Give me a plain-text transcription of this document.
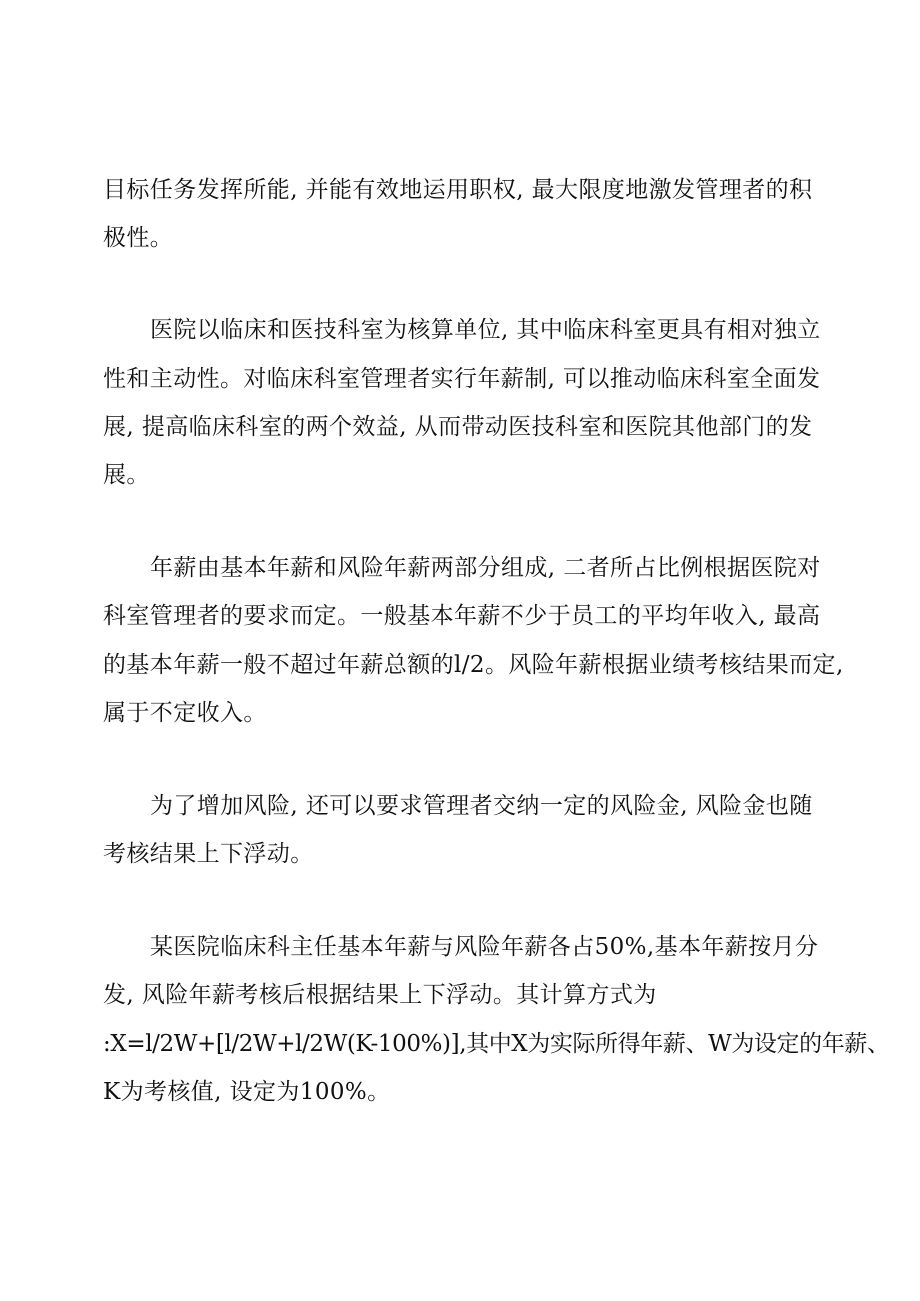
目标任务发挥所能, 并能有效地运用职权, 最大限度地激发管理者的积
极性。
医院以临床和医技科室为核算单位, 其中临床科室更具有相对独立
性和主动性。对临床科室管理者实行年薪制, 可以推动临床科室全面发
展, 提高临床科室的两个效益, 从而带动医技科室和医院其他部门的发
展。
年薪由基本年薪和风险年薪两部分组成, 二者所占比例根据医院对
科室管理者的要求而定。一般基本年薪不少于员工的平均年收入, 最高
的基本年薪一般不超过年薪总额的l/2。风险年薪根据业绩考核结果而定,
属于不定收入。
为了增加风险, 还可以要求管理者交纳一定的风险金, 风险金也随
考核结果上下浮动。
某医院临床科主任基本年薪与风险年薪各占50%,基本年薪按月分
发, 风险年薪考核后根据结果上下浮动。其计算方式为
:X=l/2W+[l/2W+l/2W(K-100%)],其中X为实际所得年薪、W为设定的年薪、
K为考核值, 设定为100%。
